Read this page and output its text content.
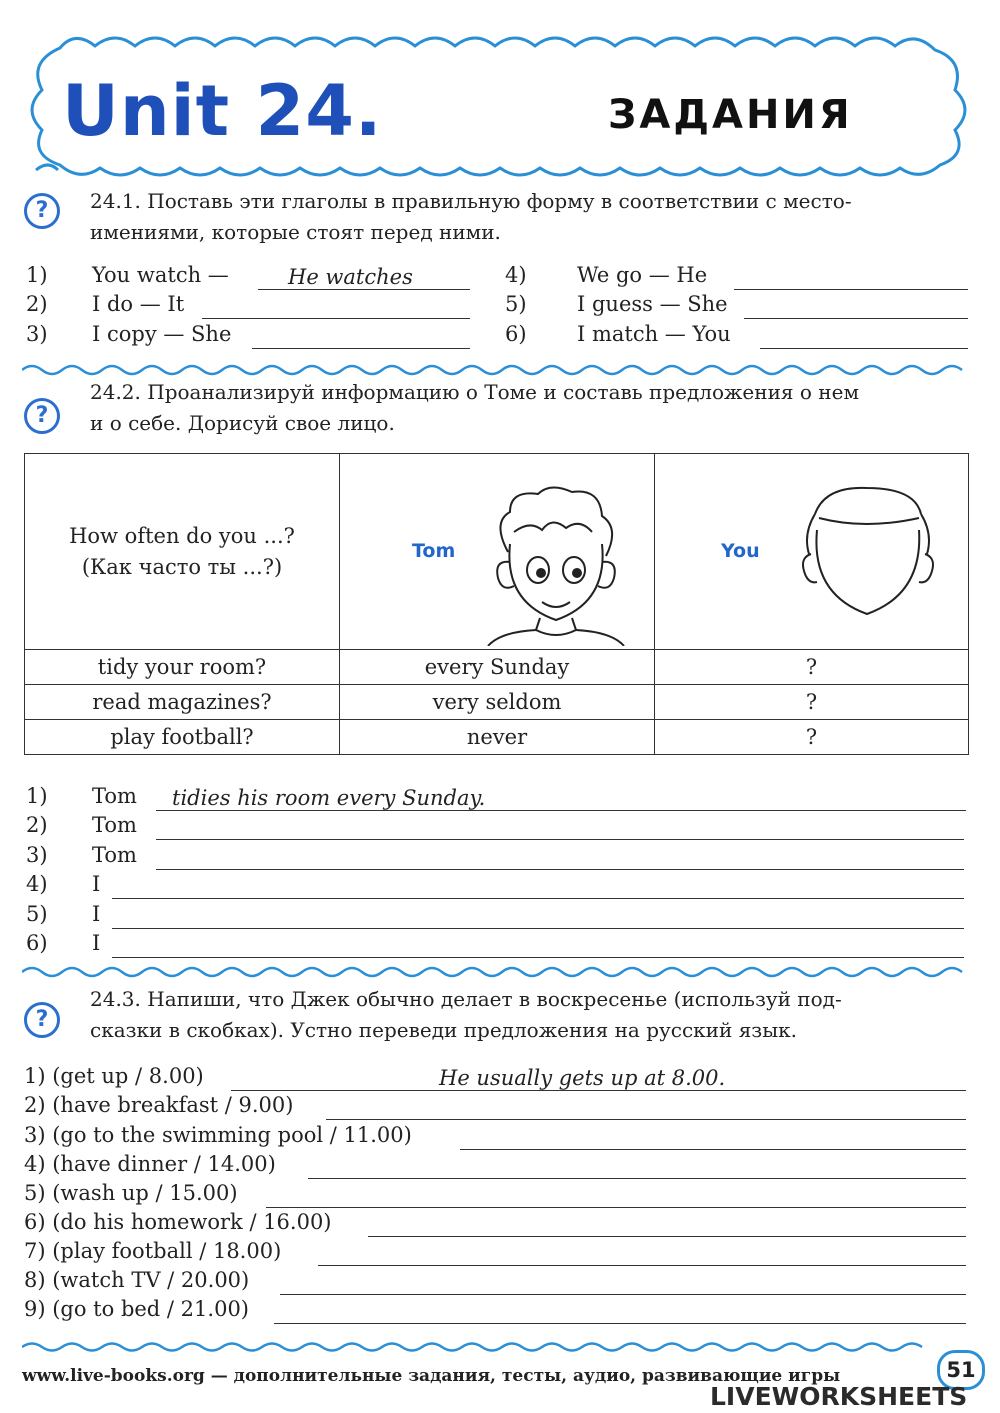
Unit 24.	ЗАДАНИЯ
?	24.1. Поставь эти глаголы в правильную форму в соответствии с место-
имениями, которые стоят перед ними.
1) You watch —	He watches
2) I do — It
3) I copy — She
4) We go — He
5) I guess — She
6) I match — You
?
24.2. Проанализируй информацию о Томе и составь предложения о нем
и о себе. Дорисуй свое лицо.
How often do you ...?
(Как часто ты ...?)	Tom	You

tidy your room?	every Sunday	?
read magazines?	very seldom	?
play football?	never	?
1) Tom tidies his room every Sunday.
2) Tom
3) Tom
4) I
5) I
6) I
?
24.3. Напиши, что Джек обычно делает в воскресенье (используй под-
сказки в скобках). Устно переведи предложения на русский язык.
1) (get up / 8.00)	He usually gets up at 8.00.
2) (have breakfast / 9.00)
3) (go to the swimming pool / 11.00)
4) (have dinner / 14.00)
5) (wash up / 15.00)
6) (do his homework / 16.00)
7) (play football / 18.00)
8) (watch TV / 20.00)
9) (go to bed / 21.00)
www.live-books.org — дополнительные задания, тесты, аудио, развивающие игры	51
LIVEWORKSHEETS
